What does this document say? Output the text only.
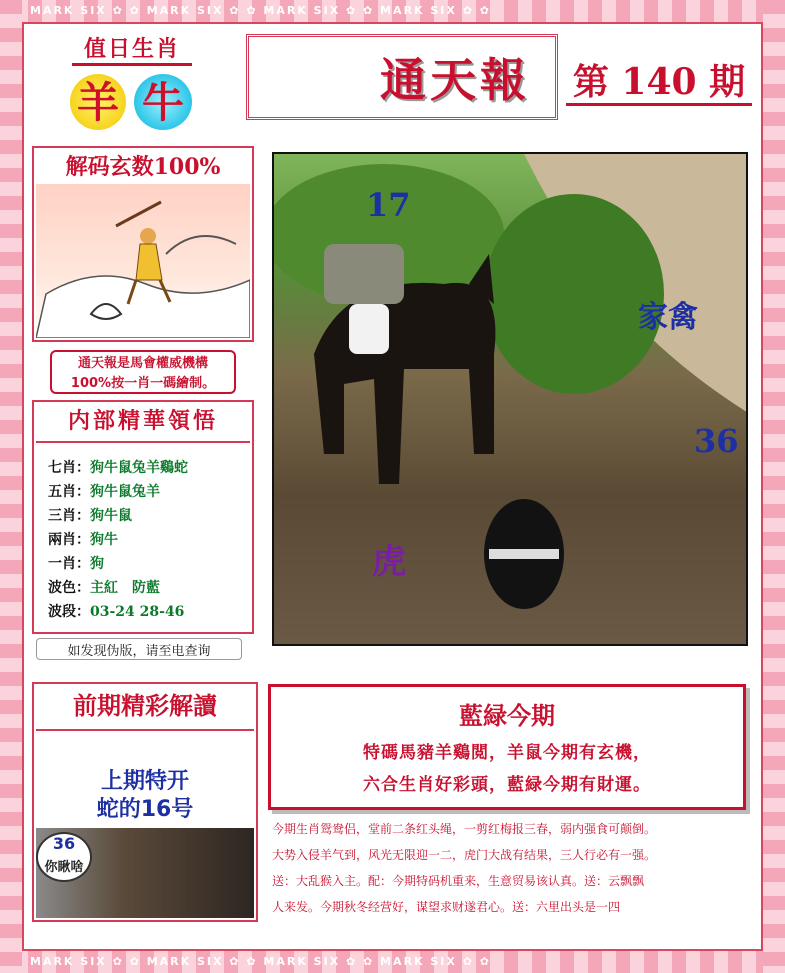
MARK SIX ✿ ✿ MARK SIX ✿ ✿ MARK SIX ✿ ✿ MARK SIX ✿ ✿
MARK SIX ✿ ✿ MARK SIX ✿ ✿ MARK SIX ✿ ✿ MARK SIX ✿ ✿
值日生肖
羊 牛	通天報	第 140 期
解码玄数100%
通天報是馬會權威機構
100%按一肖一碼繪制。
内部精華領悟
七肖：狗牛鼠兔羊鷄蛇
五肖：狗牛鼠兔羊
三肖：狗牛鼠
兩肖：狗牛
一肖：狗
波色：主紅　防藍
波段：03-24 28-46
如发现伪版，请至电查询
17
家禽
36
虎
前期精彩解讀
上期特开
蛇的16号
36
你瞅啥
藍緑今期
特碼馬豬羊鷄閲，羊鼠今期有玄機，
六合生肖好彩頭，藍緑今期有財運。
今期生肖鸳鸯侣，堂前二条红头绳，一剪红梅报三春，弱内强食可颠倒。
大势入侵羊气到，风光无限迎一二，虎门大战有结果，三人行必有一强。
送：大乱猴入主。配：今期特码机重来，生意贸易该认真。送：云飘飘
人来发。今期秋冬经营好，谋望求财遂君心。送：六里出头是一四
